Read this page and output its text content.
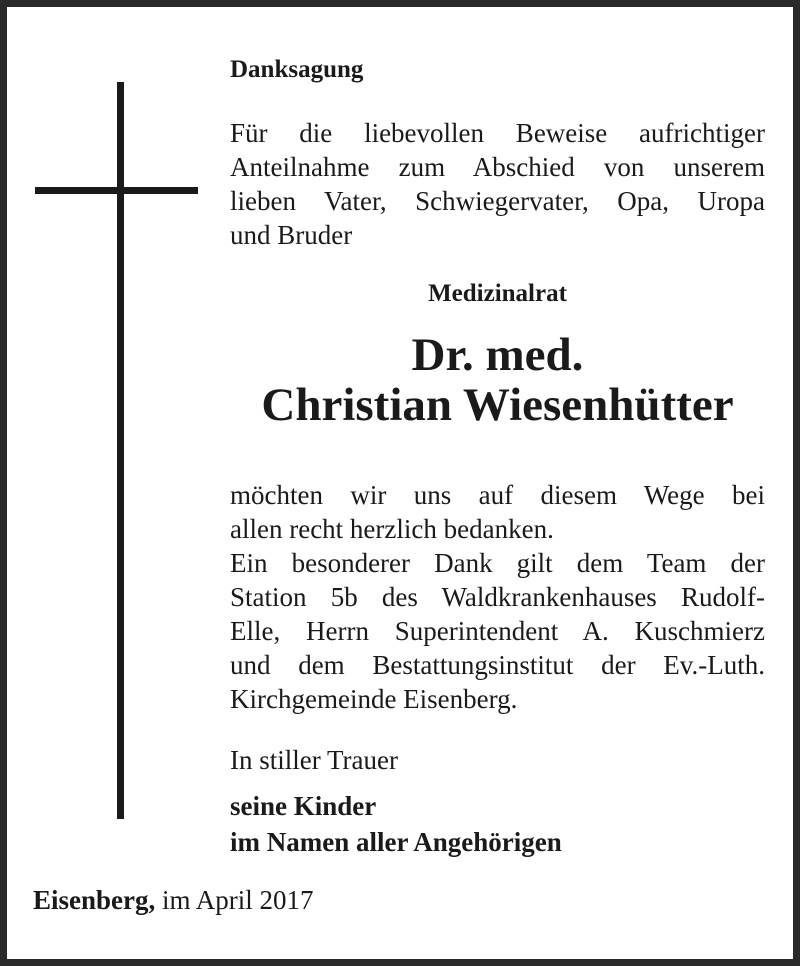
Danksagung
Für die liebevollen Beweise aufrichtiger
Anteilnahme zum Abschied von unserem
lieben Vater, Schwiegervater, Opa, Uropa
und Bruder
Medizinalrat
Dr. med.
Christian Wiesenhütter
möchten wir uns auf diesem Wege bei
allen recht herzlich bedanken.
Ein besonderer Dank gilt dem Team der
Station 5b des Waldkrankenhauses Rudolf-
Elle, Herrn Superintendent A. Kuschmierz
und dem Bestattungsinstitut der Ev.-Luth.
Kirchgemeinde Eisenberg.
In stiller Trauer
seine Kinder
im Namen aller Angehörigen
Eisenberg, im April 2017
